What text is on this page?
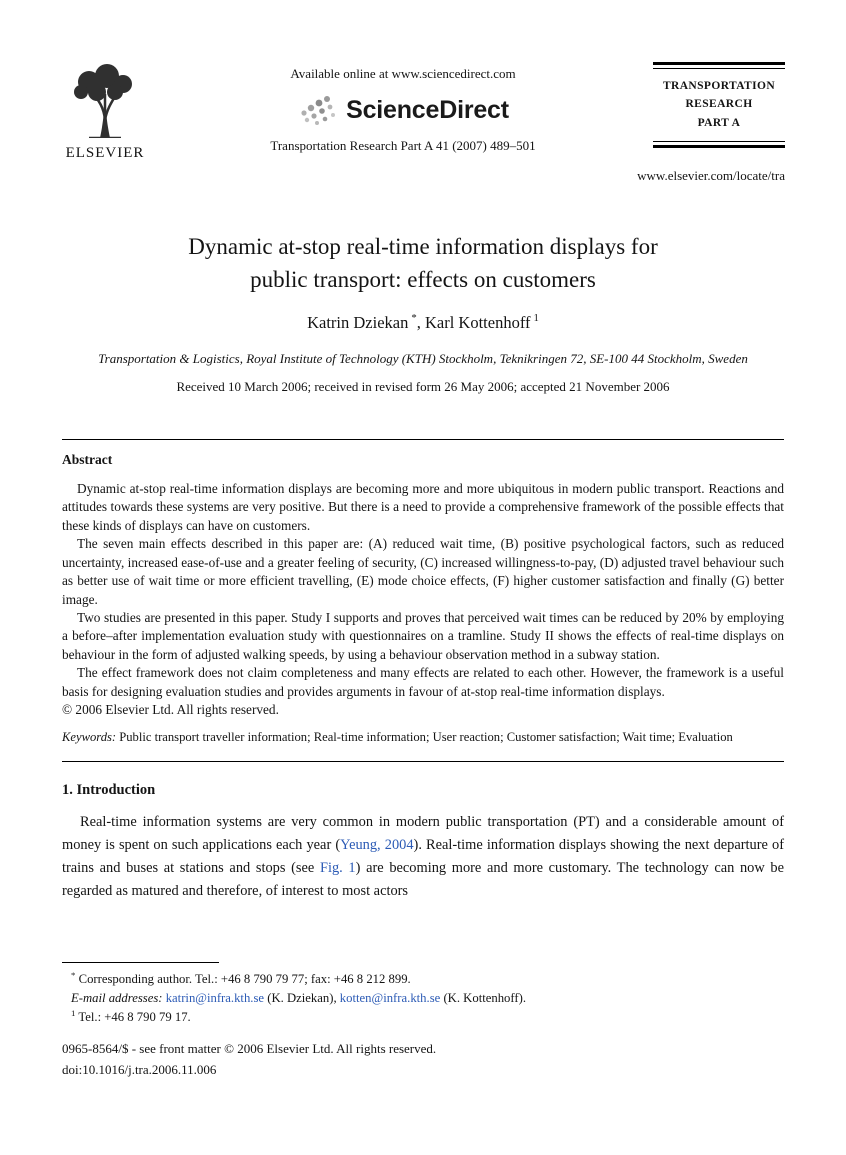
ELSEVIER
Available online at www.sciencedirect.com
ScienceDirect
Transportation Research Part A 41 (2007) 489–501
TRANSPORTATION
RESEARCH
PART A
www.elsevier.com/locate/tra
Dynamic at-stop real-time information displays for
public transport: effects on customers
Katrin Dziekan *, Karl Kottenhoff $^1$
Transportation & Logistics, Royal Institute of Technology (KTH) Stockholm, Teknikringen 72, SE-100 44 Stockholm, Sweden
Received 10 March 2006; received in revised form 26 May 2006; accepted 21 November 2006
Abstract

Dynamic at-stop real-time information displays are becoming more and more ubiquitous in modern public transport. Reactions and attitudes towards these systems are very positive. But there is a need to provide a comprehensive framework of the possible effects that these kinds of displays can have on customers.

The seven main effects described in this paper are: (A) reduced wait time, (B) positive psychological factors, such as reduced uncertainty, increased ease-of-use and a greater feeling of security, (C) increased willingness-to-pay, (D) adjusted travel behaviour such as better use of wait time or more efficient travelling, (E) mode choice effects, (F) higher customer satisfaction and finally (G) better image.

Two studies are presented in this paper. Study I supports and proves that perceived wait times can be reduced by 20% by employing a before–after implementation evaluation study with questionnaires on a tramline. Study II shows the effects of real-time displays on behaviour in the form of adjusted walking speeds, by using a behaviour observation method in a subway station.

The effect framework does not claim completeness and many effects are related to each other. However, the framework is a useful basis for designing evaluation studies and provides arguments in favour of at-stop real-time information displays.

© 2006 Elsevier Ltd. All rights reserved.

Keywords: Public transport traveller information; Real-time information; User reaction; Customer satisfaction; Wait time; Evaluation
1. Introduction

Real-time information systems are very common in modern public transportation (PT) and a considerable amount of money is spent on such applications each year (Yeung, 2004). Real-time information displays showing the next departure of trains and buses at stations and stops (see Fig. 1) are becoming more and more customary. The technology can now be regarded as matured and therefore, of interest to most actors

* Corresponding author. Tel.: +46 8 790 79 77; fax: +46 8 212 899.

E-mail addresses: katrin@infra.kth.se (K. Dziekan), kotten@infra.kth.se (K. Kottenhoff).

$^1$ Tel.: +46 8 790 79 17.

0965-8564/$ - see front matter © 2006 Elsevier Ltd. All rights reserved.
doi:10.1016/j.tra.2006.11.006
